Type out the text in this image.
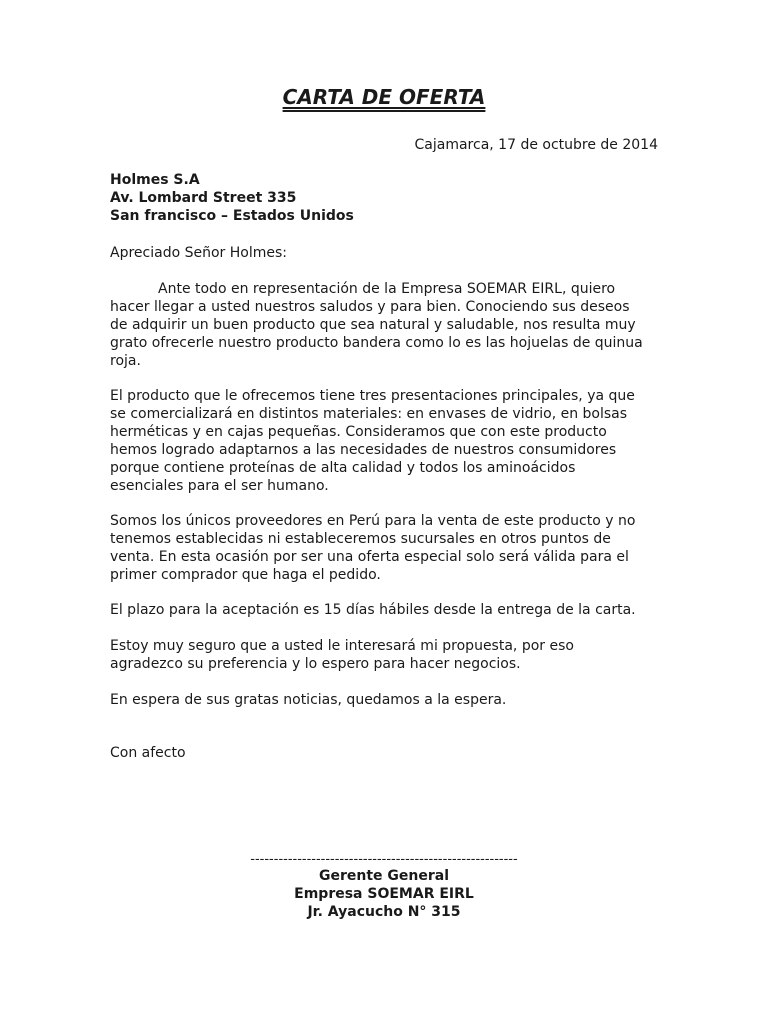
CARTA DE OFERTA
Cajamarca, 17 de octubre de 2014
Holmes S.A
Av. Lombard Street 335
San francisco – Estados Unidos
Apreciado Señor Holmes:
Ante todo en representación de la Empresa SOEMAR EIRL, quiero
hacer llegar a usted nuestros saludos y para bien. Conociendo sus deseos
de adquirir un buen producto que sea natural y saludable, nos resulta muy
grato ofrecerle nuestro producto bandera como lo es las hojuelas de quinua
roja.
El producto que le ofrecemos tiene tres presentaciones principales, ya que
se comercializará en distintos materiales: en envases de vidrio, en bolsas
herméticas y en cajas pequeñas. Consideramos que con este producto
hemos logrado adaptarnos a las necesidades de nuestros consumidores
porque contiene proteínas de alta calidad y todos los aminoácidos
esenciales para el ser humano.
Somos los únicos proveedores en Perú para la venta de este producto y no
tenemos establecidas ni estableceremos sucursales en otros puntos de
venta. En esta ocasión por ser una oferta especial solo será válida para el
primer comprador que haga el pedido.
El plazo para la aceptación es 15 días hábiles desde la entrega de la carta.
Estoy muy seguro que a usted le interesará mi propuesta, por eso
agradezco su preferencia y lo espero para hacer negocios.
En espera de sus gratas noticias, quedamos a la espera.
Con afecto
---------------------------------------------------------
Gerente General
Empresa SOEMAR EIRL
Jr. Ayacucho N° 315
